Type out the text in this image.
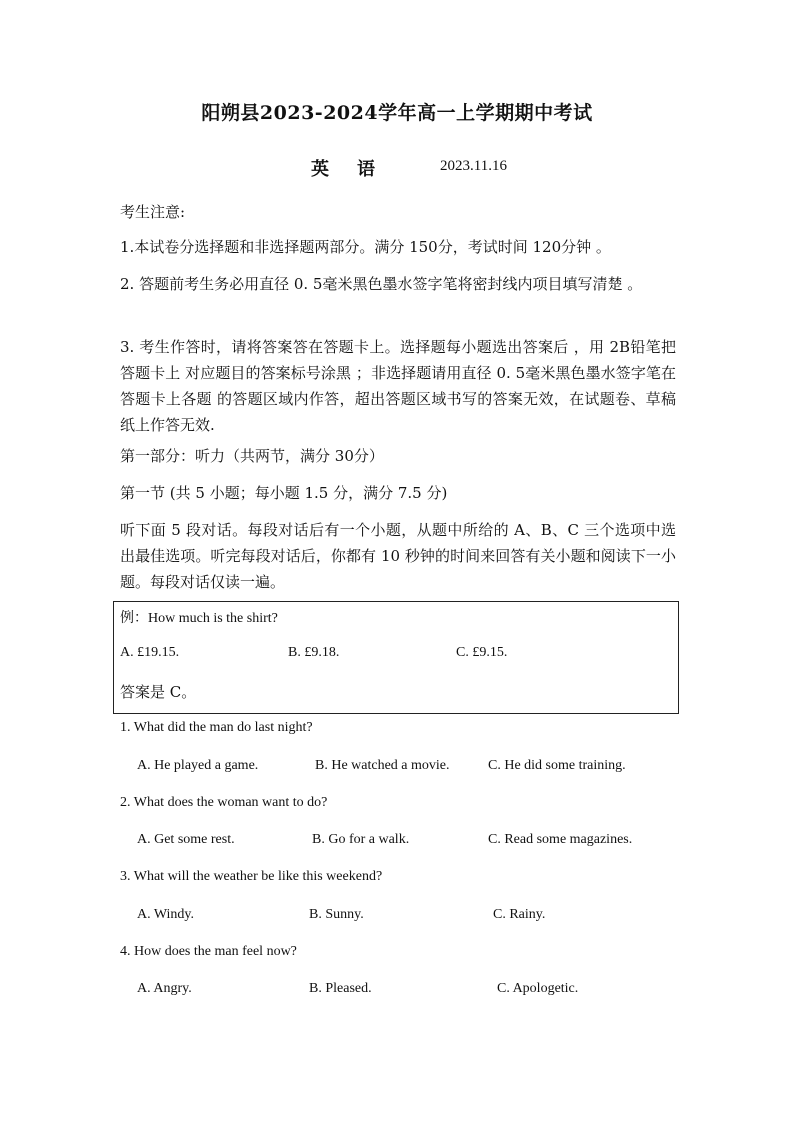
阳朔县2023-2024学年高一上学期期中考试
英语 2023.11.16
考生注意:
1.本试卷分选择题和非选择题两部分。满分 150分，考试时间 120分钟 。
2. 答题前考生务必用直径 0. 5毫米黑色墨水签字笔将密封线内项目填写清楚 。
3. 考生作答时，请将答案答在答题卡上。选择题每小题选出答案后 ，用 2B铅笔把答题卡上 对应题目的答案标号涂黑 ；非选择题请用直径 0. 5毫米黑色墨水签字笔在答题卡上各题 的答题区域内作答，超出答题区域书写的答案无效，在试题卷、草稿纸上作答无效.
第一部分：听力（共两节，满分 30分）
第一节 (共 5 小题；每小题 1.5 分，满分 7.5 分)
听下面 5 段对话。每段对话后有一个小题，从题中所给的 A、B、C 三个选项中选出最佳选项。听完每段对话后，你都有 10 秒钟的时间来回答有关小题和阅读下一小题。每段对话仅读一遍。
例：How much is the shirt?
A. £19.15.	B. £9.18.	C. £9.15.
答案是 C。
1. What did the man do last night?
A. He played a game.	B. He watched a movie.	C. He did some training.
2. What does the woman want to do?
A. Get some rest.	B. Go for a walk.	C. Read some magazines.
3. What will the weather be like this weekend?
A. Windy.	B. Sunny.	C. Rainy.
4. How does the man feel now?
A. Angry.	B. Pleased.	C. Apologetic.
